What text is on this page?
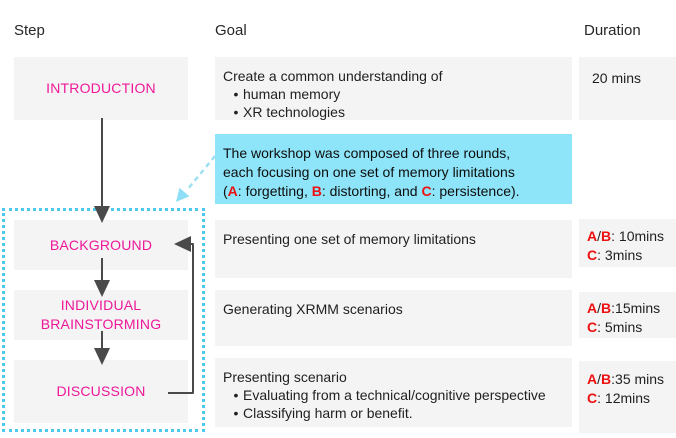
Step	Goal	Duration
INTRODUCTION
BACKGROUND
INDIVIDUAL BRAINSTORMING
DISCUSSION
Create a common understanding of
• human memory
• XR technologies
The workshop was composed of three rounds,
each focusing on one set of memory limitations
(A: forgetting, B: distorting, and C: persistence).
Presenting one set of memory limitations
Generating XRMM scenarios
Presenting scenario
• Evaluating from a technical/cognitive perspective
• Classifying harm or benefit.
20 mins
A/B: 10mins
C: 3mins
A/B:15mins
C: 5mins
A/B:35 mins
C: 12mins
